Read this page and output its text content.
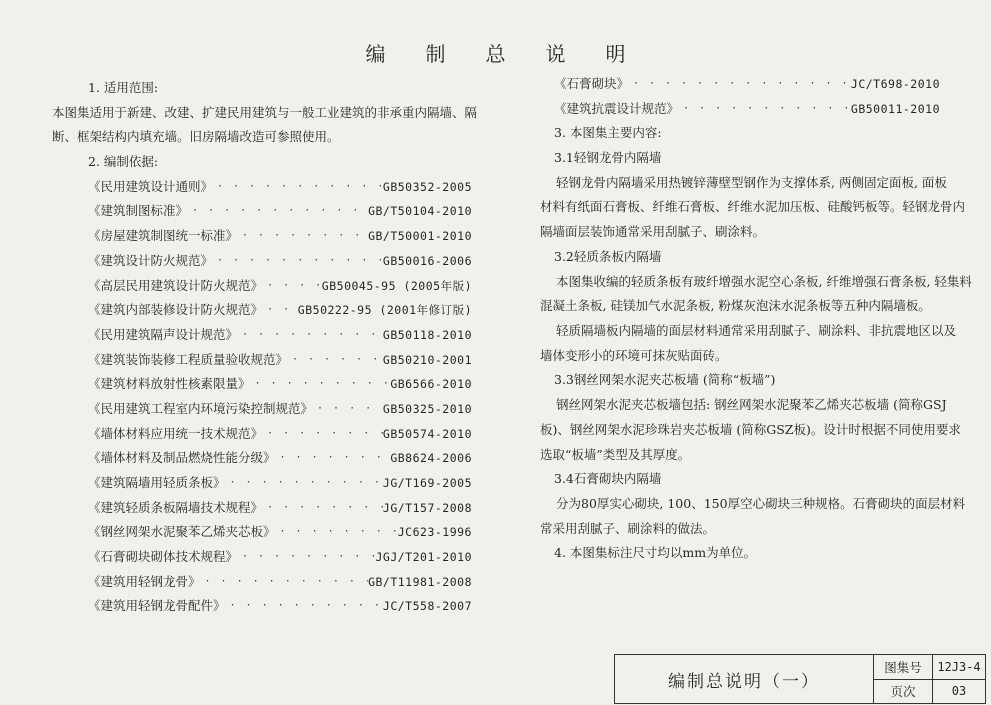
编制总说明
1. 适用范围:
本图集适用于新建、改建、扩建民用建筑与一般工业建筑的非承重内隔墙、隔
断、框架结构内填充墙。旧房隔墙改造可参照使用。
2. 编制依据:
《民用建筑设计通则》 · · ·	GB50352-2005
《建筑制图标准》 · · ·	GB/T50104-2010
《房屋建筑制图统一标准》 · · ·	GB/T50001-2010
《建筑设计防火规范》 · · ·	GB50016-2006
《高层民用建筑设计防火规范》 · · ·	GB50045-95 (2005年版)
《建筑内部装修设计防火规范》 · · ·	GB50222-95 (2001年修订版)
《民用建筑隔声设计规范》 · · ·	GB50118-2010
《建筑装饰装修工程质量验收规范》 · · ·	GB50210-2001
《建筑材料放射性核素限量》 · · ·	GB6566-2010
《民用建筑工程室内环境污染控制规范》 · · ·	GB50325-2010
《墙体材料应用统一技术规范》 · · ·	GB50574-2010
《墙体材料及制品燃烧性能分级》 · · ·	GB8624-2006
《建筑隔墙用轻质条板》 · · ·	JG/T169-2005
《建筑轻质条板隔墙技术规程》 · · ·	JG/T157-2008
《钢丝网架水泥聚苯乙烯夹芯板》 · · ·	JC623-1996
《石膏砌块砌体技术规程》 · · ·	JGJ/T201-2010
《建筑用轻钢龙骨》 · · ·	GB/T11981-2008
《建筑用轻钢龙骨配件》 · · ·	JC/T558-2007
《石膏砌块》 · · ·	JC/T698-2010
《建筑抗震设计规范》 · · ·	GB50011-2010
3. 本图集主要内容:
3.1轻钢龙骨内隔墙
轻钢龙骨内隔墙采用热镀锌薄壁型钢作为支撑体系, 两侧固定面板, 面板
材料有纸面石膏板、纤维石膏板、纤维水泥加压板、硅酸钙板等。轻钢龙骨内
隔墙面层装饰通常采用刮腻子、刷涂料。
3.2轻质条板内隔墙
本图集收编的轻质条板有玻纤增强水泥空心条板, 纤维增强石膏条板, 轻集料
混凝土条板, 硅镁加气水泥条板, 粉煤灰泡沫水泥条板等五种内隔墙板。
轻质隔墙板内隔墙的面层材料通常采用刮腻子、刷涂料、非抗震地区以及
墙体变形小的环境可抹灰贴面砖。
3.3钢丝网架水泥夹芯板墙 (简称“板墙”)
钢丝网架水泥夹芯板墙包括: 钢丝网架水泥聚苯乙烯夹芯板墙 (简称GSJ
板)、钢丝网架水泥珍珠岩夹芯板墙 (简称GSZ板)。设计时根据不同使用要求
选取“板墙”类型及其厚度。
3.4石膏砌块内隔墙
分为80厚实心砌块, 100、150厚空心砌块三种规格。石膏砌块的面层材料
常采用刮腻子、刷涂料的做法。
4. 本图集标注尺寸均以mm为单位。
编制总说明（一）
图集号	12J3-4
页次	03
